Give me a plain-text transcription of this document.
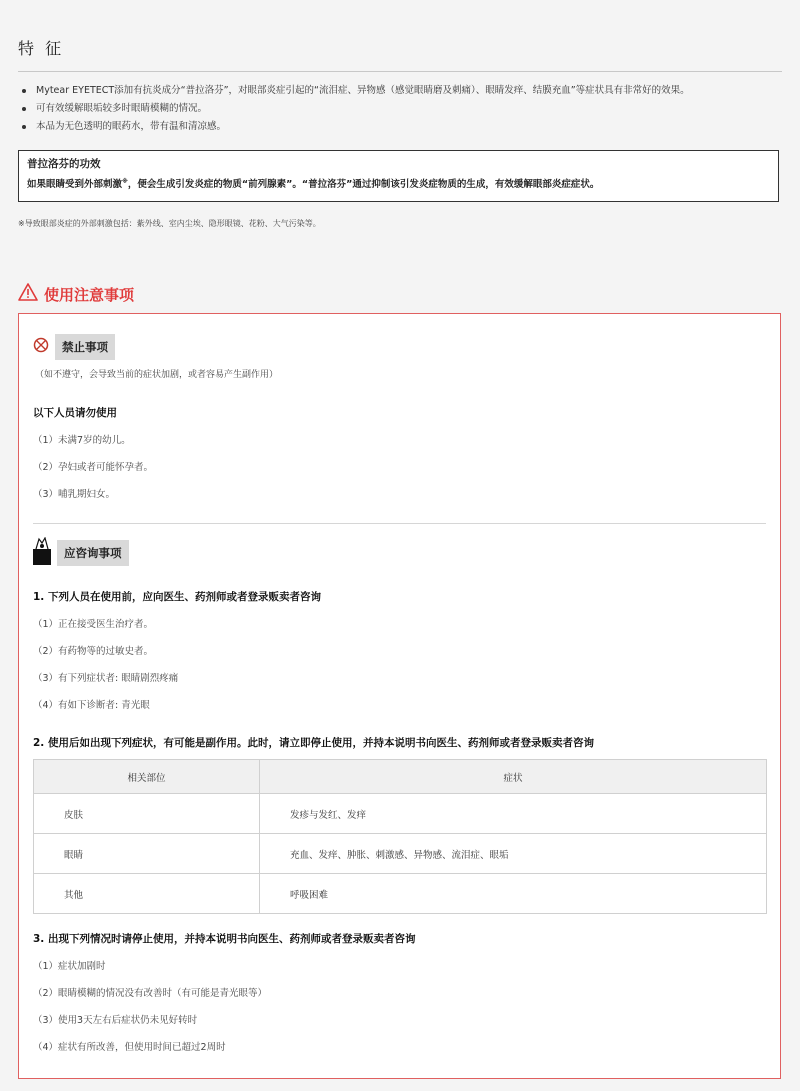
特 征
Mytear EYETECT添加有抗炎成分“普拉洛芬”，对眼部炎症引起的“流泪症、异物感（感觉眼睛磨及刺痛）、眼睛发痒、结膜充血”等症状具有非常好的效果。
可有效缓解眼垢较多时眼睛模糊的情况。
本品为无色透明的眼药水，带有温和清凉感。
普拉洛芬的功效
如果眼睛受到外部刺激※，便会生成引发炎症的物质“前列腺素”。“普拉洛芬”通过抑制该引发炎症物质的生成，有效缓解眼部炎症症状。
※导致眼部炎症的外部刺激包括：紫外线、室内尘埃、隐形眼镜、花粉、大气污染等。
使用注意事项
禁止事项
（如不遵守，会导致当前的症状加剧，或者容易产生副作用）
以下人员请勿使用
（1）未满7岁的幼儿。
（2）孕妇或者可能怀孕者。
（3）哺乳期妇女。
应咨询事项
1. 下列人员在使用前，应向医生、药剂师或者登录贩卖者咨询
（1）正在接受医生治疗者。
（2）有药物等的过敏史者。
（3）有下列症状者: 眼睛剧烈疼痛
（4）有如下诊断者: 青光眼
2. 使用后如出现下列症状，有可能是副作用。此时，请立即停止使用，并持本说明书向医生、药剂师或者登录贩卖者咨询
相关部位	症状
皮肤	发疹与发红、发痒
眼睛	充血、发痒、肿胀、刺激感、异物感、流泪症、眼垢
其他	呼吸困难
3. 出现下列情况时请停止使用，并持本说明书向医生、药剂师或者登录贩卖者咨询
（1）症状加剧时
（2）眼睛模糊的情况没有改善时（有可能是青光眼等）
（3）使用3天左右后症状仍未见好转时
（4）症状有所改善，但使用时间已超过2周时
